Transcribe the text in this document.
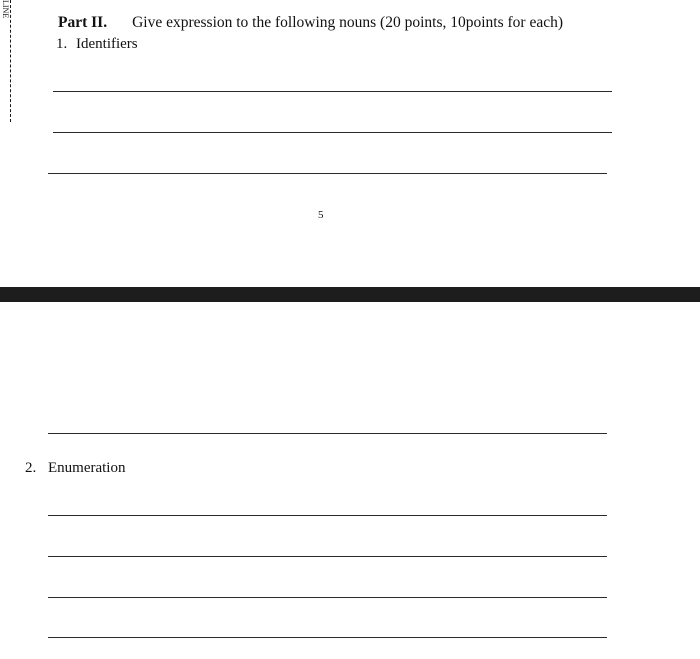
LINE
Part II. Give expression to the following nouns (20 points, 10points for each)
1. Identifiers
5
2. Enumeration
